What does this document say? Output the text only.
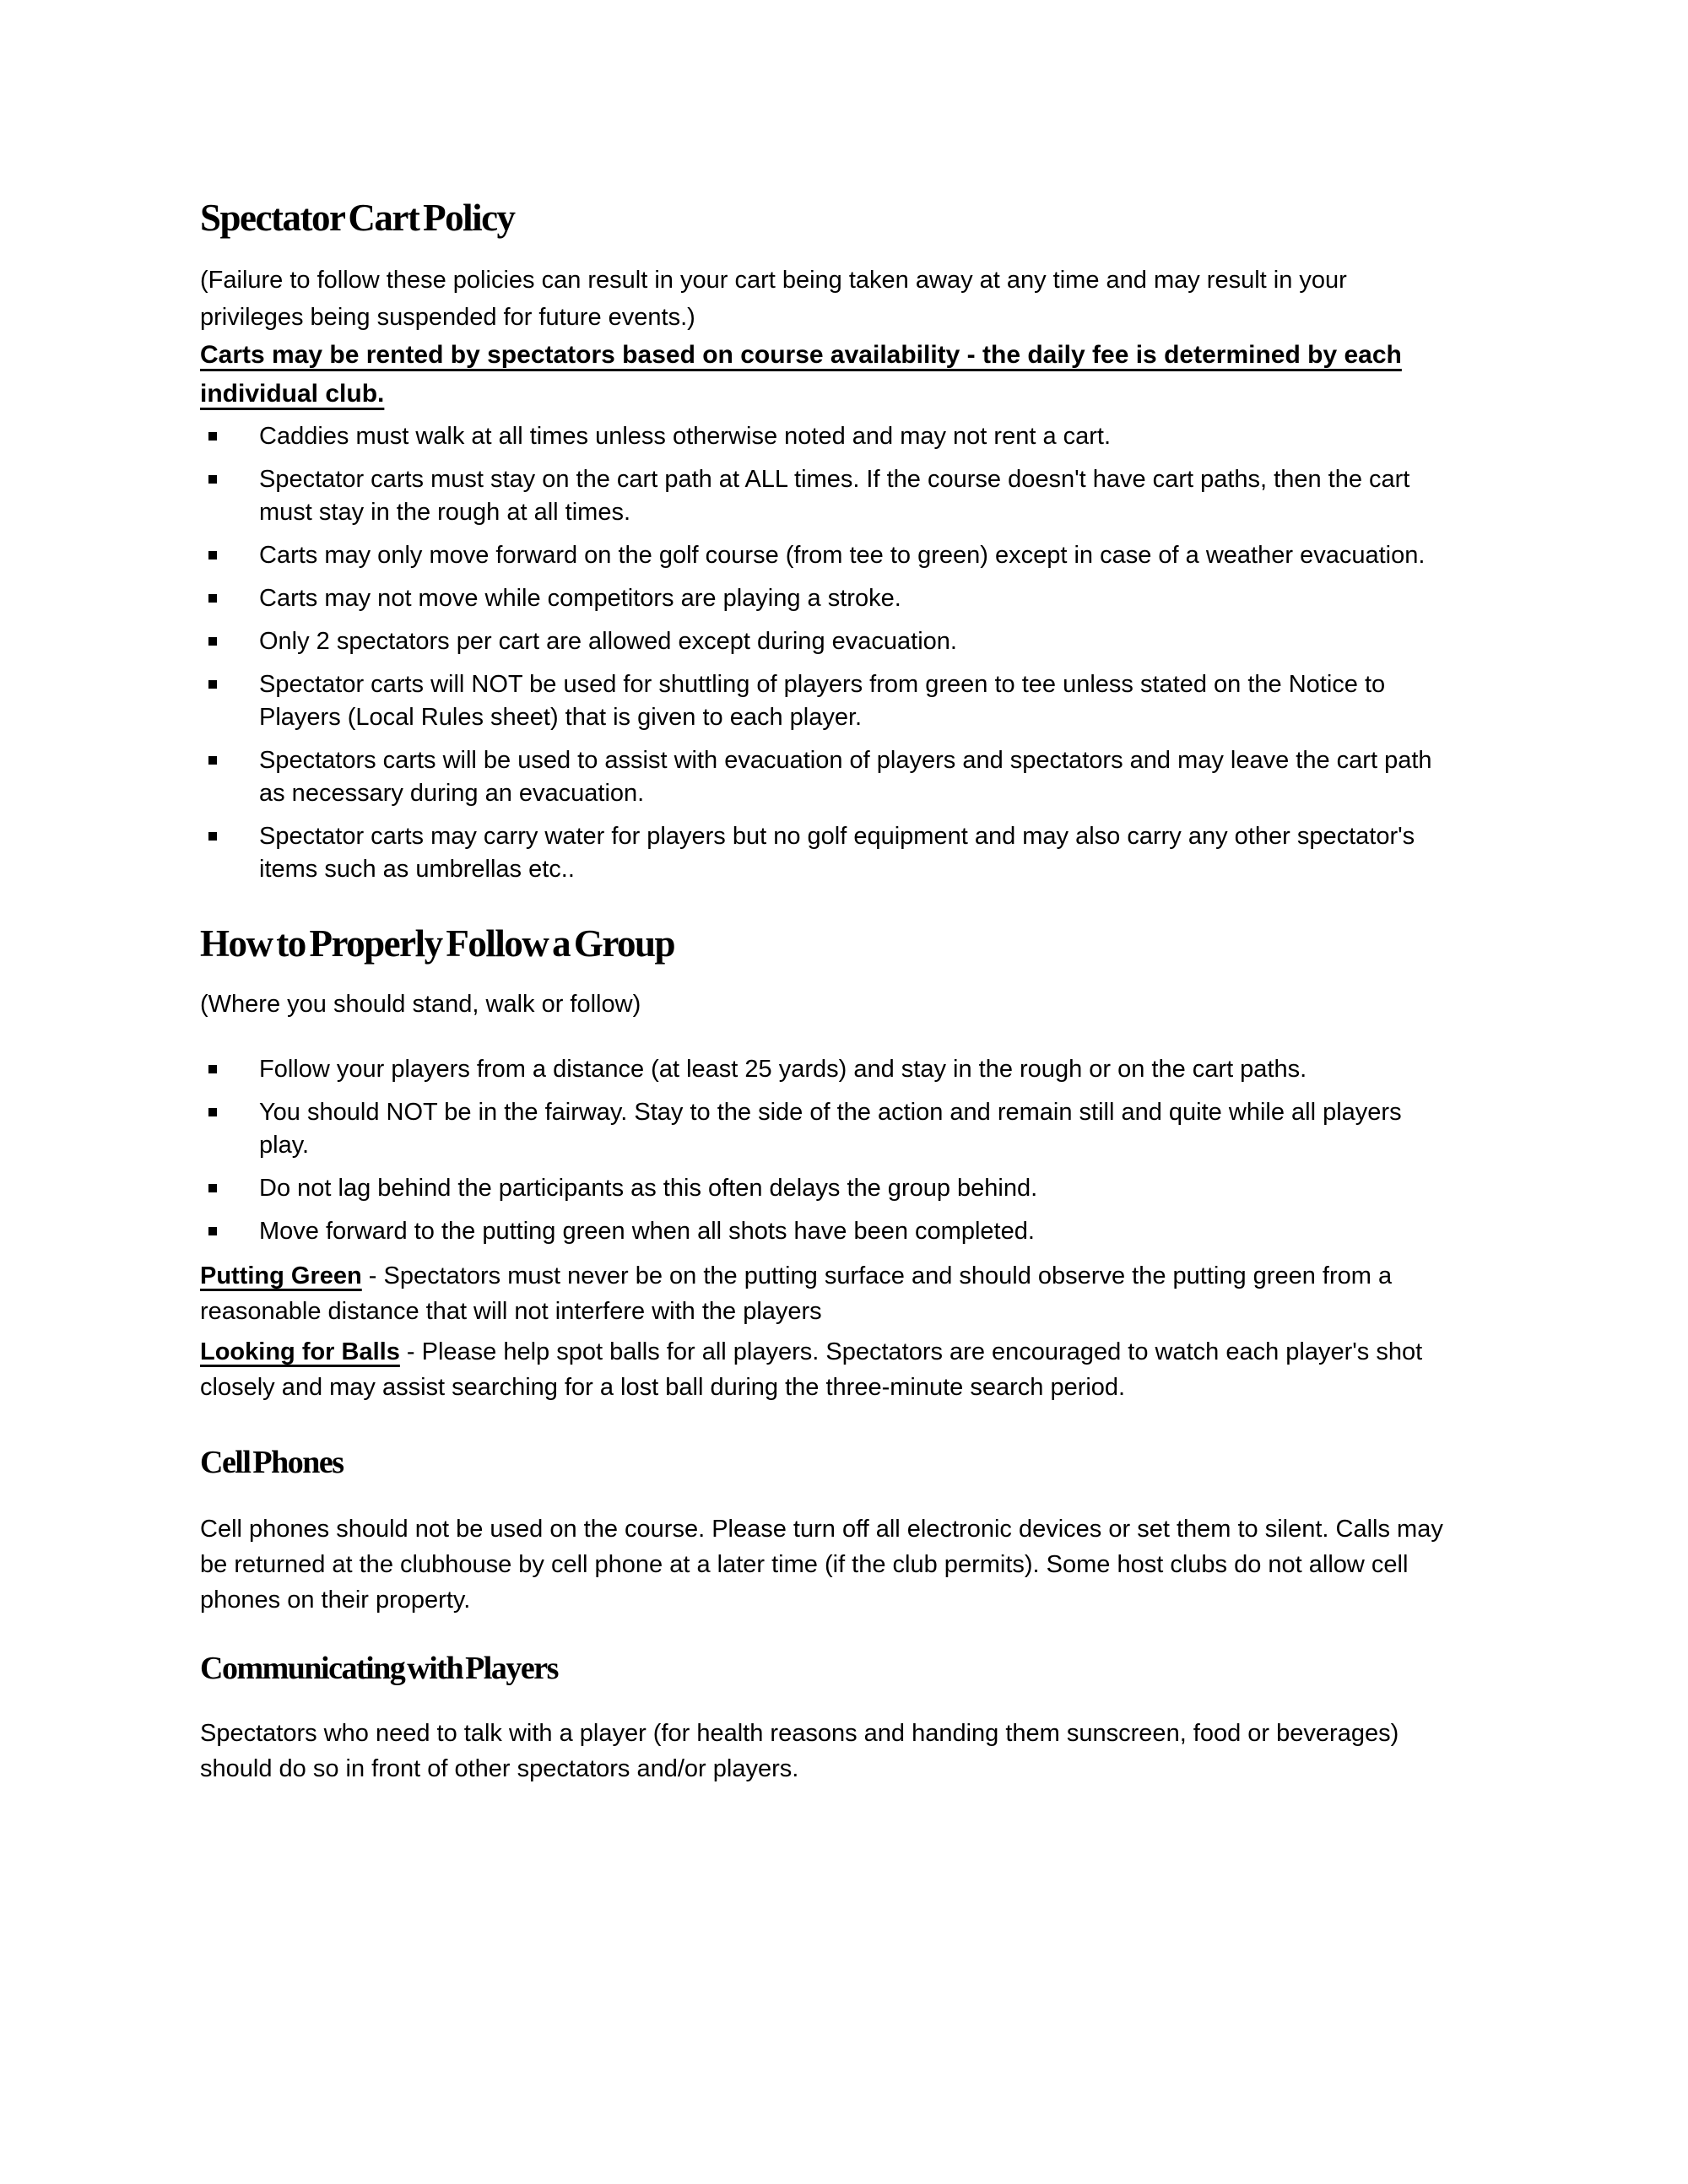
Spectator Cart Policy

(Failure to follow these policies can result in your cart being taken away at any time and may result in your privileges being suspended for future events.)

Carts may be rented by spectators based on course availability - the daily fee is determined by each individual club.

Caddies must walk at all times unless otherwise noted and may not rent a cart.
Spectator carts must stay on the cart path at ALL times. If the course doesn't have cart paths, then the cart must stay in the rough at all times.
Carts may only move forward on the golf course (from tee to green) except in case of a weather evacuation.
Carts may not move while competitors are playing a stroke.
Only 2 spectators per cart are allowed except during evacuation.
Spectator carts will NOT be used for shuttling of players from green to tee unless stated on the Notice to Players (Local Rules sheet) that is given to each player.
Spectators carts will be used to assist with evacuation of players and spectators and may leave the cart path as necessary during an evacuation.
Spectator carts may carry water for players but no golf equipment and may also carry any other spectator's items such as umbrellas etc..
How to Properly Follow a Group

(Where you should stand, walk or follow)

Follow your players from a distance (at least 25 yards) and stay in the rough or on the cart paths.
You should NOT be in the fairway. Stay to the side of the action and remain still and quite while all players play.
Do not lag behind the participants as this often delays the group behind.
Move forward to the putting green when all shots have been completed.

Putting Green - Spectators must never be on the putting surface and should observe the putting green from a reasonable distance that will not interfere with the players

Looking for Balls - Please help spot balls for all players. Spectators are encouraged to watch each player's shot closely and may assist searching for a lost ball during the three-minute search period.

Cell Phones

Cell phones should not be used on the course. Please turn off all electronic devices or set them to silent. Calls may be returned at the clubhouse by cell phone at a later time (if the club permits). Some host clubs do not allow cell phones on their property.

Communicating with Players

Spectators who need to talk with a player (for health reasons and handing them sunscreen, food or beverages) should do so in front of other spectators and/or players.
